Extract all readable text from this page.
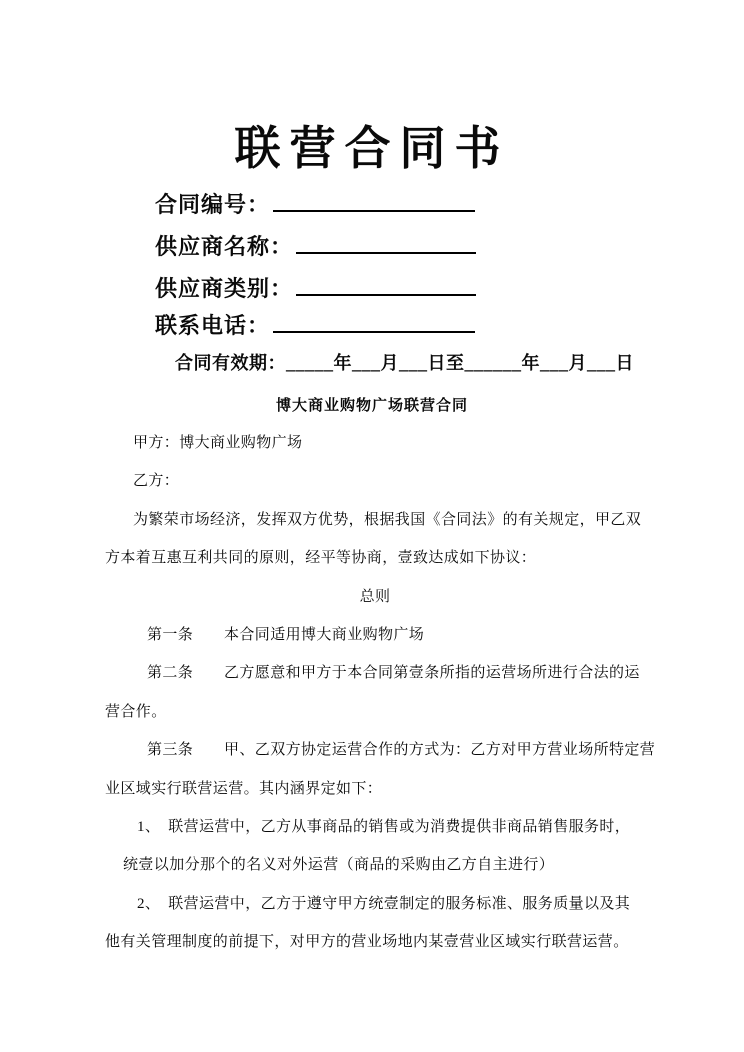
联营合同书
合同编号：
供应商名称：
供应商类别：
联系电话：
合同有效期：_____年___月___日至______年___月___日
博大商业购物广场联营合同
甲方：博大商业购物广场
乙方：
为繁荣市场经济，发挥双方优势，根据我国《合同法》的有关规定，甲乙双
方本着互惠互利共同的原则，经平等协商，壹致达成如下协议：
总则
第一条　　本合同适用博大商业购物广场
第二条　　乙方愿意和甲方于本合同第壹条所指的运营场所进行合法的运
营合作。
第三条　　甲、乙双方协定运营合作的方式为：乙方对甲方营业场所特定营
业区域实行联营运营。其内涵界定如下：
1、　联营运营中，乙方从事商品的销售或为消费提供非商品销售服务时，
统壹以加分那个的名义对外运营（商品的采购由乙方自主进行）
2、　联营运营中，乙方于遵守甲方统壹制定的服务标准、服务质量以及其
他有关管理制度的前提下，对甲方的营业场地内某壹营业区域实行联营运营。
